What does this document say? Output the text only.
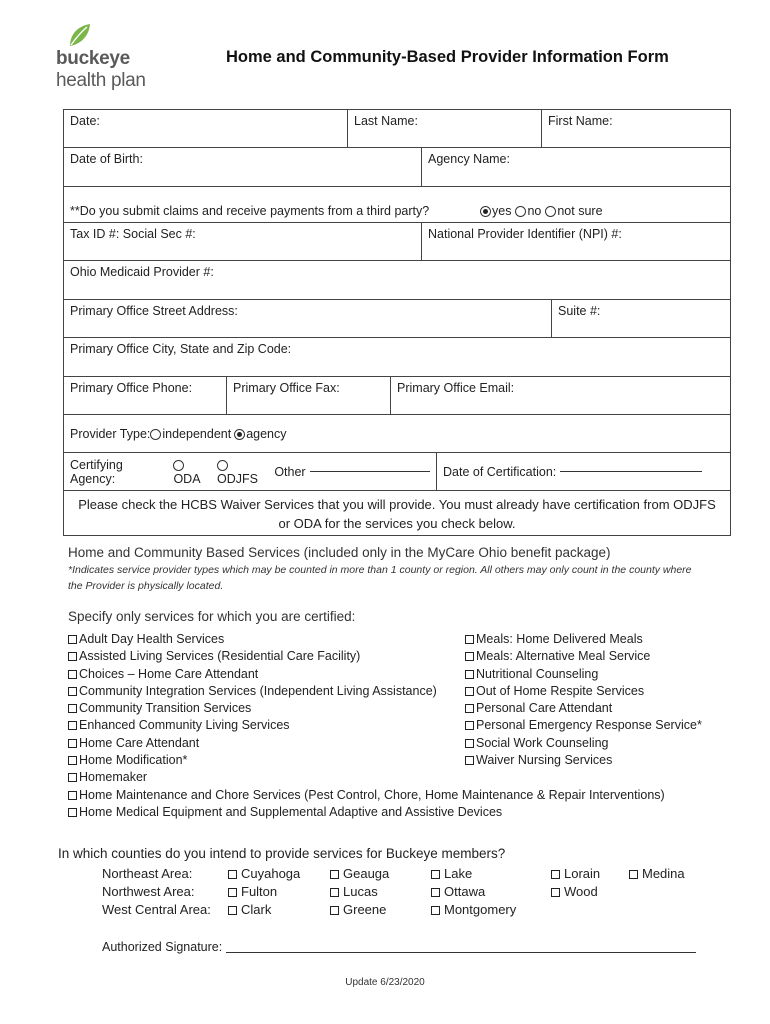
buckeye
health plan
Home and Community-Based Provider Information Form
Date:	Last Name:	First Name:
Date of Birth:	Agency Name:
**Do you submit claims and receive payments from a third party?	yes	no	not sure
Tax ID #: Social Sec #:	National Provider Identifier (NPI) #:
Ohio Medicaid Provider #:
Primary Office Street Address:	Suite #:
Primary Office City, State and Zip Code:
Primary Office Phone:	Primary Office Fax:	Primary Office Email:
Provider Type: independent	agency
Certifying Agency:	ODA	ODJFS	Other	Date of Certification:
Please check the HCBS Waiver Services that you will provide. You must already have certification from ODJFS or ODA for the services you check below.
Home and Community Based Services (included only in the MyCare Ohio benefit package)
*Indicates service provider types which may be counted in more than 1 county or region. All others may only count in the county where the Provider is physically located.
Specify only services for which you are certified:
Adult Day Health Services
Assisted Living Services (Residential Care Facility)
Choices – Home Care Attendant
Community Integration Services (Independent Living Assistance)
Community Transition Services
Enhanced Community Living Services
Home Care Attendant
Home Modification*
Homemaker
Home Maintenance and Chore Services (Pest Control, Chore, Home Maintenance & Repair Interventions)
Home Medical Equipment and Supplemental Adaptive and Assistive Devices
Meals: Home Delivered Meals
Meals: Alternative Meal Service
Nutritional Counseling
Out of Home Respite Services
Personal Care Attendant
Personal Emergency Response Service*
Social Work Counseling
Waiver Nursing Services
In which counties do you intend to provide services for Buckeye members?
Northeast Area:	Cuyahoga	Geauga	Lake	Lorain	Medina
Northwest Area:	Fulton	Lucas	Ottawa	Wood
West Central Area:	Clark	Greene	Montgomery
Authorized Signature:
Update 6/23/2020
